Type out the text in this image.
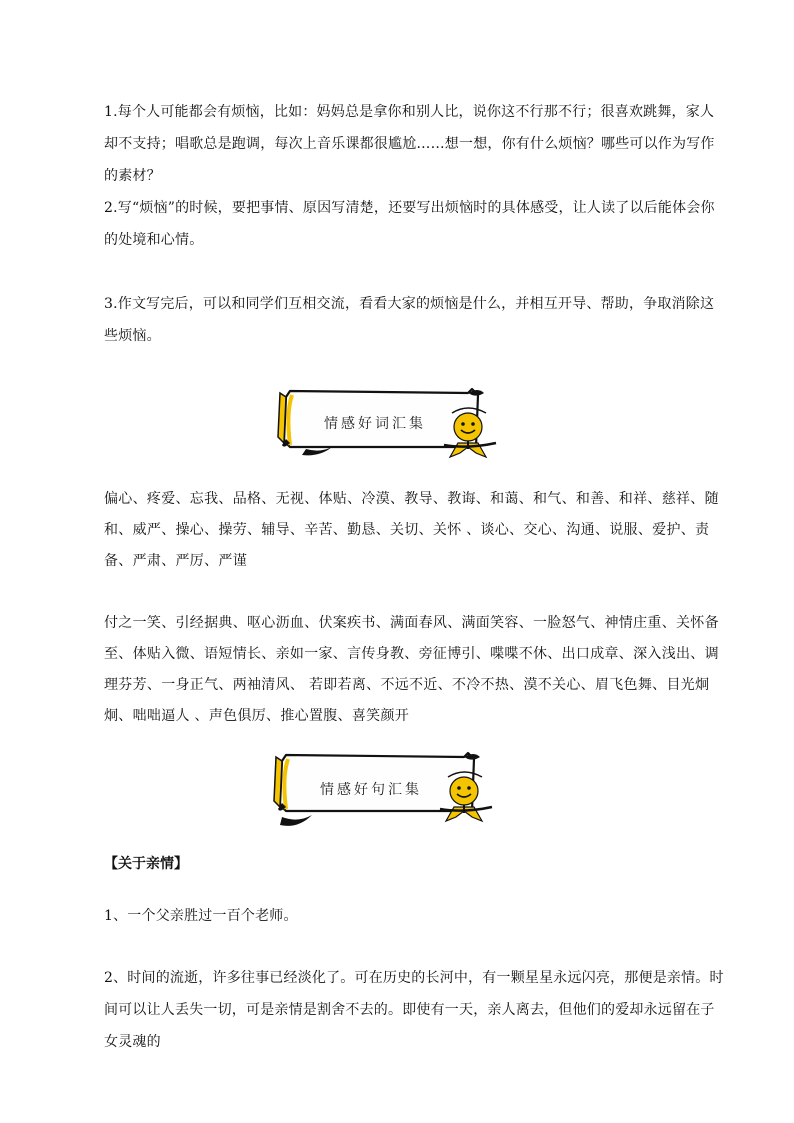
1.每个人可能都会有烦恼，比如：妈妈总是拿你和别人比，说你这不行那不行；很喜欢跳舞，家人却不支持；唱歌总是跑调，每次上音乐课都很尴尬……想一想，你有什么烦恼？哪些可以作为写作的素材？

2.写“烦恼”的时候，要把事情、原因写清楚，还要写出烦恼时的具体感受，让人读了以后能体会你的处境和心情。

3.作文写完后，可以和同学们互相交流，看看大家的烦恼是什么，并相互开导、帮助，争取消除这些烦恼。

情感好词汇集

偏心、疼爱、忘我、品格、无视、体贴、冷漠、教导、教诲、和蔼、和气、和善、和祥、慈祥、随和、威严、操心、操劳、辅导、辛苦、勤恳、关切、关怀 、谈心、交心、沟通、说服、爱护、责备、严肃、严厉、严谨

付之一笑、引经据典、呕心沥血、伏案疾书、满面春风、满面笑容、一脸怒气、神情庄重、关怀备至、体贴入微、语短情长、亲如一家、言传身教、旁征博引、喋喋不休、出口成章、深入浅出、调理芬芳、一身正气、两袖清风、 若即若离、不远不近、不冷不热、漠不关心、眉飞色舞、目光炯炯、咄咄逼人 、声色俱厉、推心置腹、喜笑颜开

情感好句汇集

【关于亲情】

1、一个父亲胜过一百个老师。

2、时间的流逝，许多往事已经淡化了。可在历史的长河中，有一颗星星永远闪亮，那便是亲情。时间可以让人丢失一切，可是亲情是割舍不去的。即使有一天，亲人离去，但他们的爱却永远留在子女灵魂的
